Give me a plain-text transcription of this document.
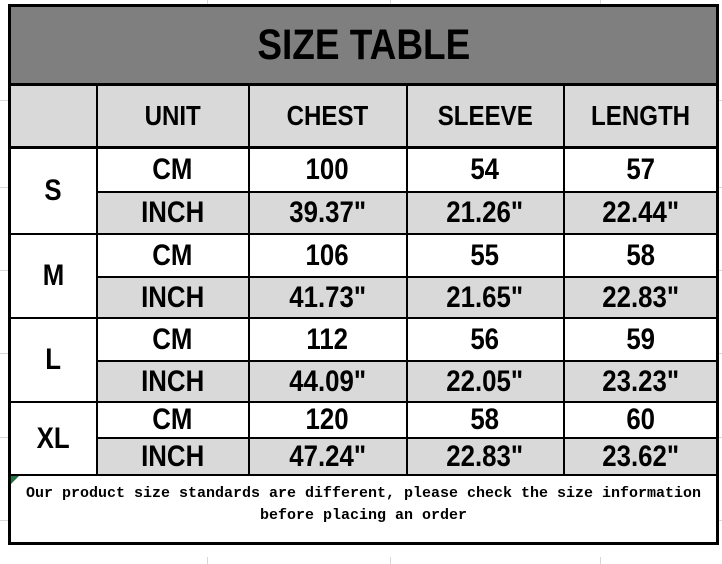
SIZE TABLE				
	UNIT	CHEST	SLEEVE	LENGTH
S	CM	100	54	57
	INCH	39.37"	21.26"	22.44"
M	CM	106	55	58
	INCH	41.73"	21.65"	22.83"
L	CM	112	56	59
	INCH	44.09"	22.05"	23.23"
XL	CM	120	58	60
	INCH	47.24"	22.83"	23.62"

Our product size standards are different, please check the size information before placing an order				
